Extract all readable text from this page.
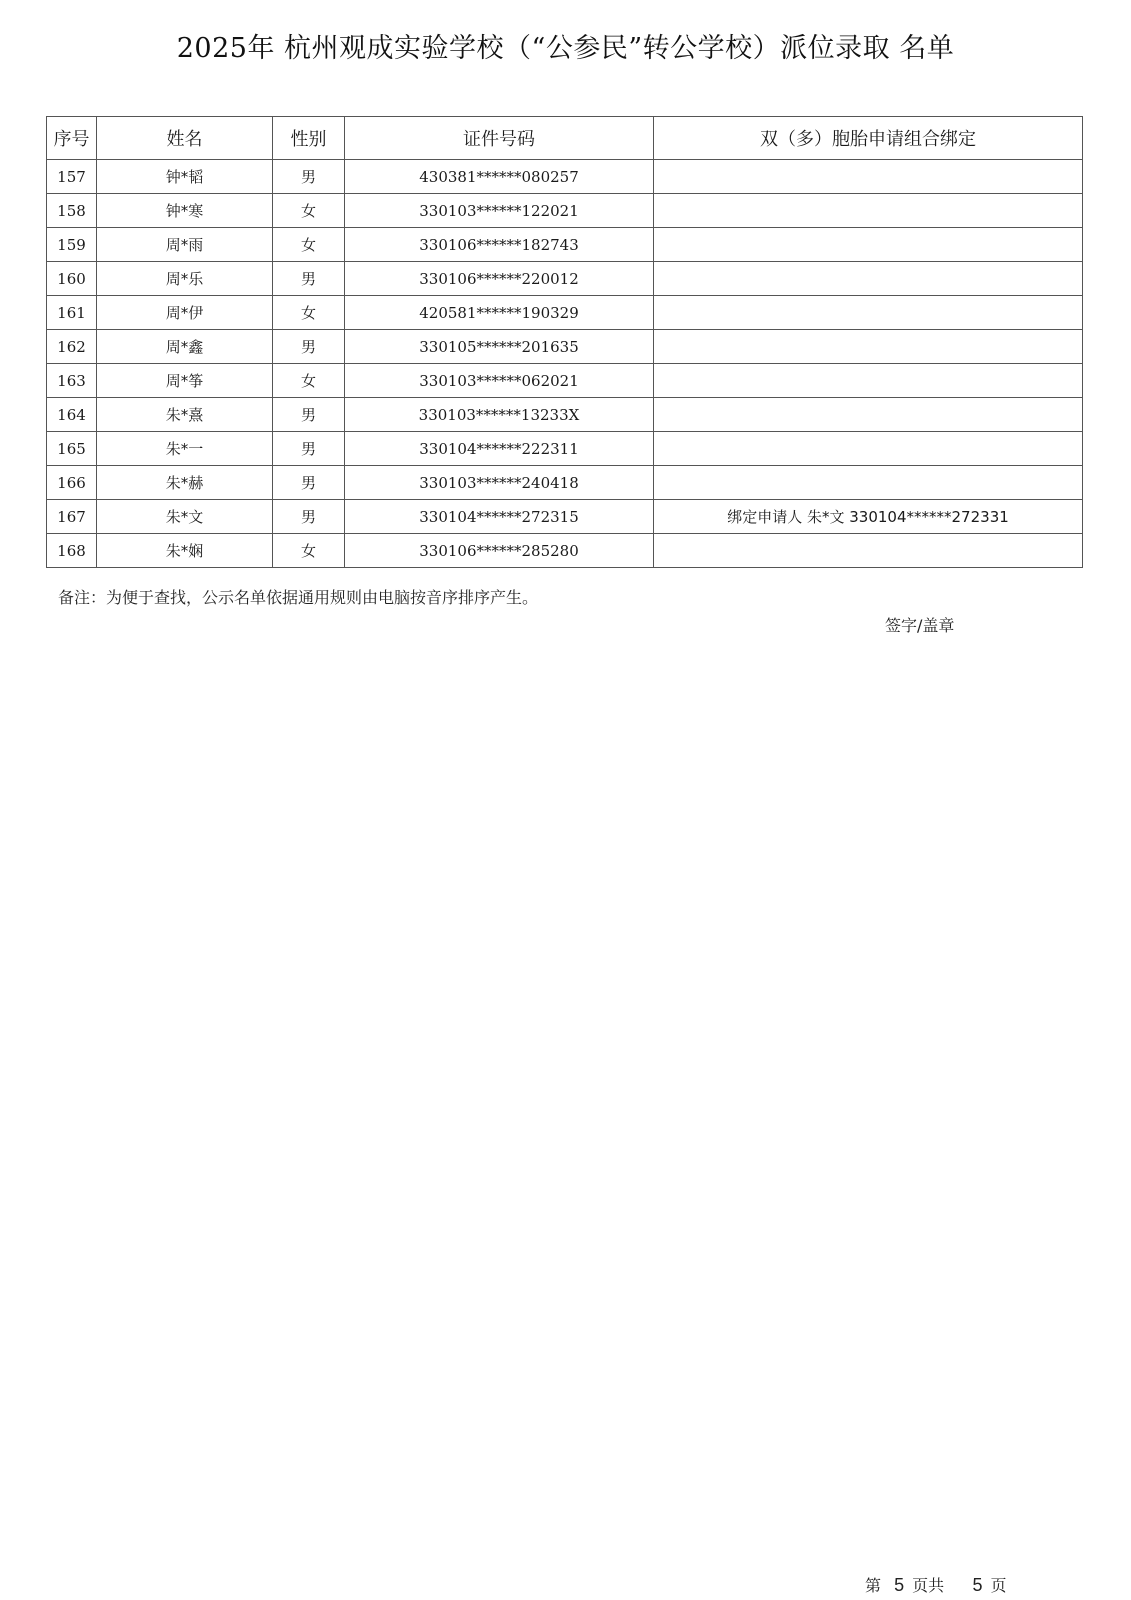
2025年 杭州观成实验学校（“公参民”转公学校）派位录取 名单
序号	姓名	性别	证件号码	双（多）胞胎申请组合绑定
157	钟*韬	男	430381******080257	
158	钟*寒	女	330103******122021	
159	周*雨	女	330106******182743	
160	周*乐	男	330106******220012	
161	周*伊	女	420581******190329	
162	周*鑫	男	330105******201635	
163	周*筝	女	330103******062021	
164	朱*熹	男	330103******13233X	
165	朱*一	男	330104******222311	
166	朱*赫	男	330103******240418	
167	朱*文	男	330104******272315	绑定申请人 朱*文 330104******272331
168	朱*娴	女	330106******285280	
备注：为便于查找，公示名单依据通用规则由电脑按音序排序产生。
签字/盖章
第 5 页共 5 页
